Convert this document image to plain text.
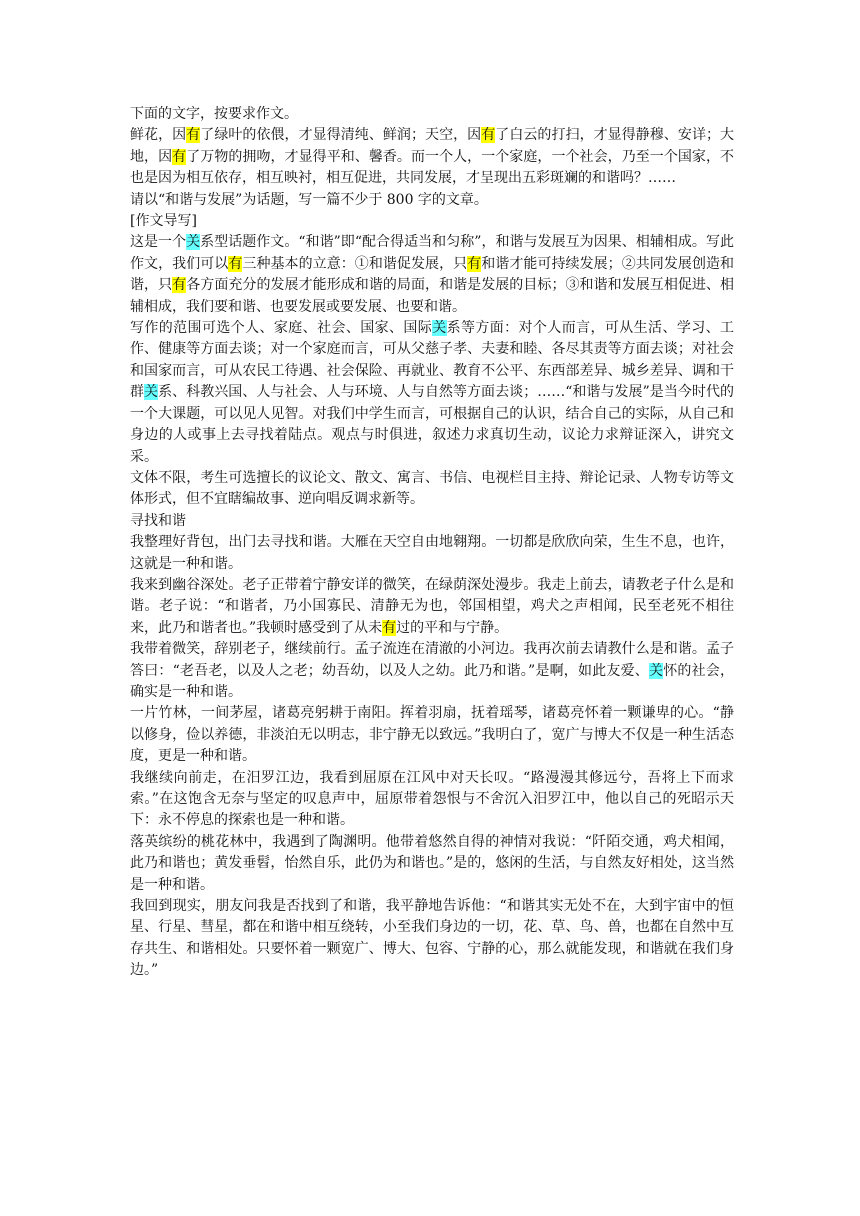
下面的文字，按要求作文。

鲜花，因有了绿叶的依偎，才显得清纯、鲜润；天空，因有了白云的打扫，才显得静穆、安详；大地，因有了万物的拥吻，才显得平和、馨香。而一个人，一个家庭，一个社会，乃至一个国家，不也是因为相互依存，相互映衬，相互促进，共同发展，才呈现出五彩斑斓的和谐吗？……

请以“和谐与发展”为话题，写一篇不少于 800 字的文章。

[作文导写]

这是一个关系型话题作文。“和谐”即“配合得适当和匀称”，和谐与发展互为因果、相辅相成。写此作文，我们可以有三种基本的立意：①和谐促发展，只有和谐才能可持续发展；②共同发展创造和谐，只有各方面充分的发展才能形成和谐的局面，和谐是发展的目标；③和谐和发展互相促进、相辅相成，我们要和谐、也要发展或要发展、也要和谐。

写作的范围可选个人、家庭、社会、国家、国际关系等方面：对个人而言，可从生活、学习、工作、健康等方面去谈；对一个家庭而言，可从父慈子孝、夫妻和睦、各尽其责等方面去谈；对社会和国家而言，可从农民工待遇、社会保险、再就业、教育不公平、东西部差异、城乡差异、调和干群关系、科教兴国、人与社会、人与环境、人与自然等方面去谈；……“和谐与发展”是当今时代的一个大课题，可以见人见智。对我们中学生而言，可根据自己的认识，结合自己的实际，从自己和身边的人或事上去寻找着陆点。观点与时俱进，叙述力求真切生动，议论力求辩证深入，讲究文采。

文体不限，考生可选擅长的议论文、散文、寓言、书信、电视栏目主持、辩论记录、人物专访等文体形式，但不宜瞎编故事、逆向唱反调求新等。

寻找和谐

我整理好背包，出门去寻找和谐。大雁在天空自由地翱翔。一切都是欣欣向荣，生生不息，也许，这就是一种和谐。

我来到幽谷深处。老子正带着宁静安详的微笑，在绿荫深处漫步。我走上前去，请教老子什么是和谐。老子说：“和谐者，乃小国寡民、清静无为也，邻国相望，鸡犬之声相闻，民至老死不相往来，此乃和谐者也。”我顿时感受到了从未有过的平和与宁静。

我带着微笑，辞别老子，继续前行。孟子流连在清澈的小河边。我再次前去请教什么是和谐。孟子答曰：“老吾老，以及人之老；幼吾幼，以及人之幼。此乃和谐。”是啊，如此友爱、关怀的社会，确实是一种和谐。

一片竹林，一间茅屋，诸葛亮躬耕于南阳。挥着羽扇，抚着瑶琴，诸葛亮怀着一颗谦卑的心。“静以修身，俭以养德，非淡泊无以明志，非宁静无以致远。”我明白了，宽广与博大不仅是一种生活态度，更是一种和谐。

我继续向前走，在汨罗江边，我看到屈原在江风中对天长叹。“路漫漫其修远兮，吾将上下而求索。”在这饱含无奈与坚定的叹息声中，屈原带着怨恨与不舍沉入汨罗江中，他以自己的死昭示天下：永不停息的探索也是一种和谐。

落英缤纷的桃花林中，我遇到了陶渊明。他带着悠然自得的神情对我说：“阡陌交通，鸡犬相闻，此乃和谐也；黄发垂髫，怡然自乐，此仍为和谐也。”是的，悠闲的生活，与自然友好相处，这当然是一种和谐。

我回到现实，朋友问我是否找到了和谐，我平静地告诉他：“和谐其实无处不在，大到宇宙中的恒星、行星、彗星，都在和谐中相互绕转，小至我们身边的一切，花、草、鸟、兽，也都在自然中互存共生、和谐相处。只要怀着一颗宽广、博大、包容、宁静的心，那么就能发现，和谐就在我们身边。”
